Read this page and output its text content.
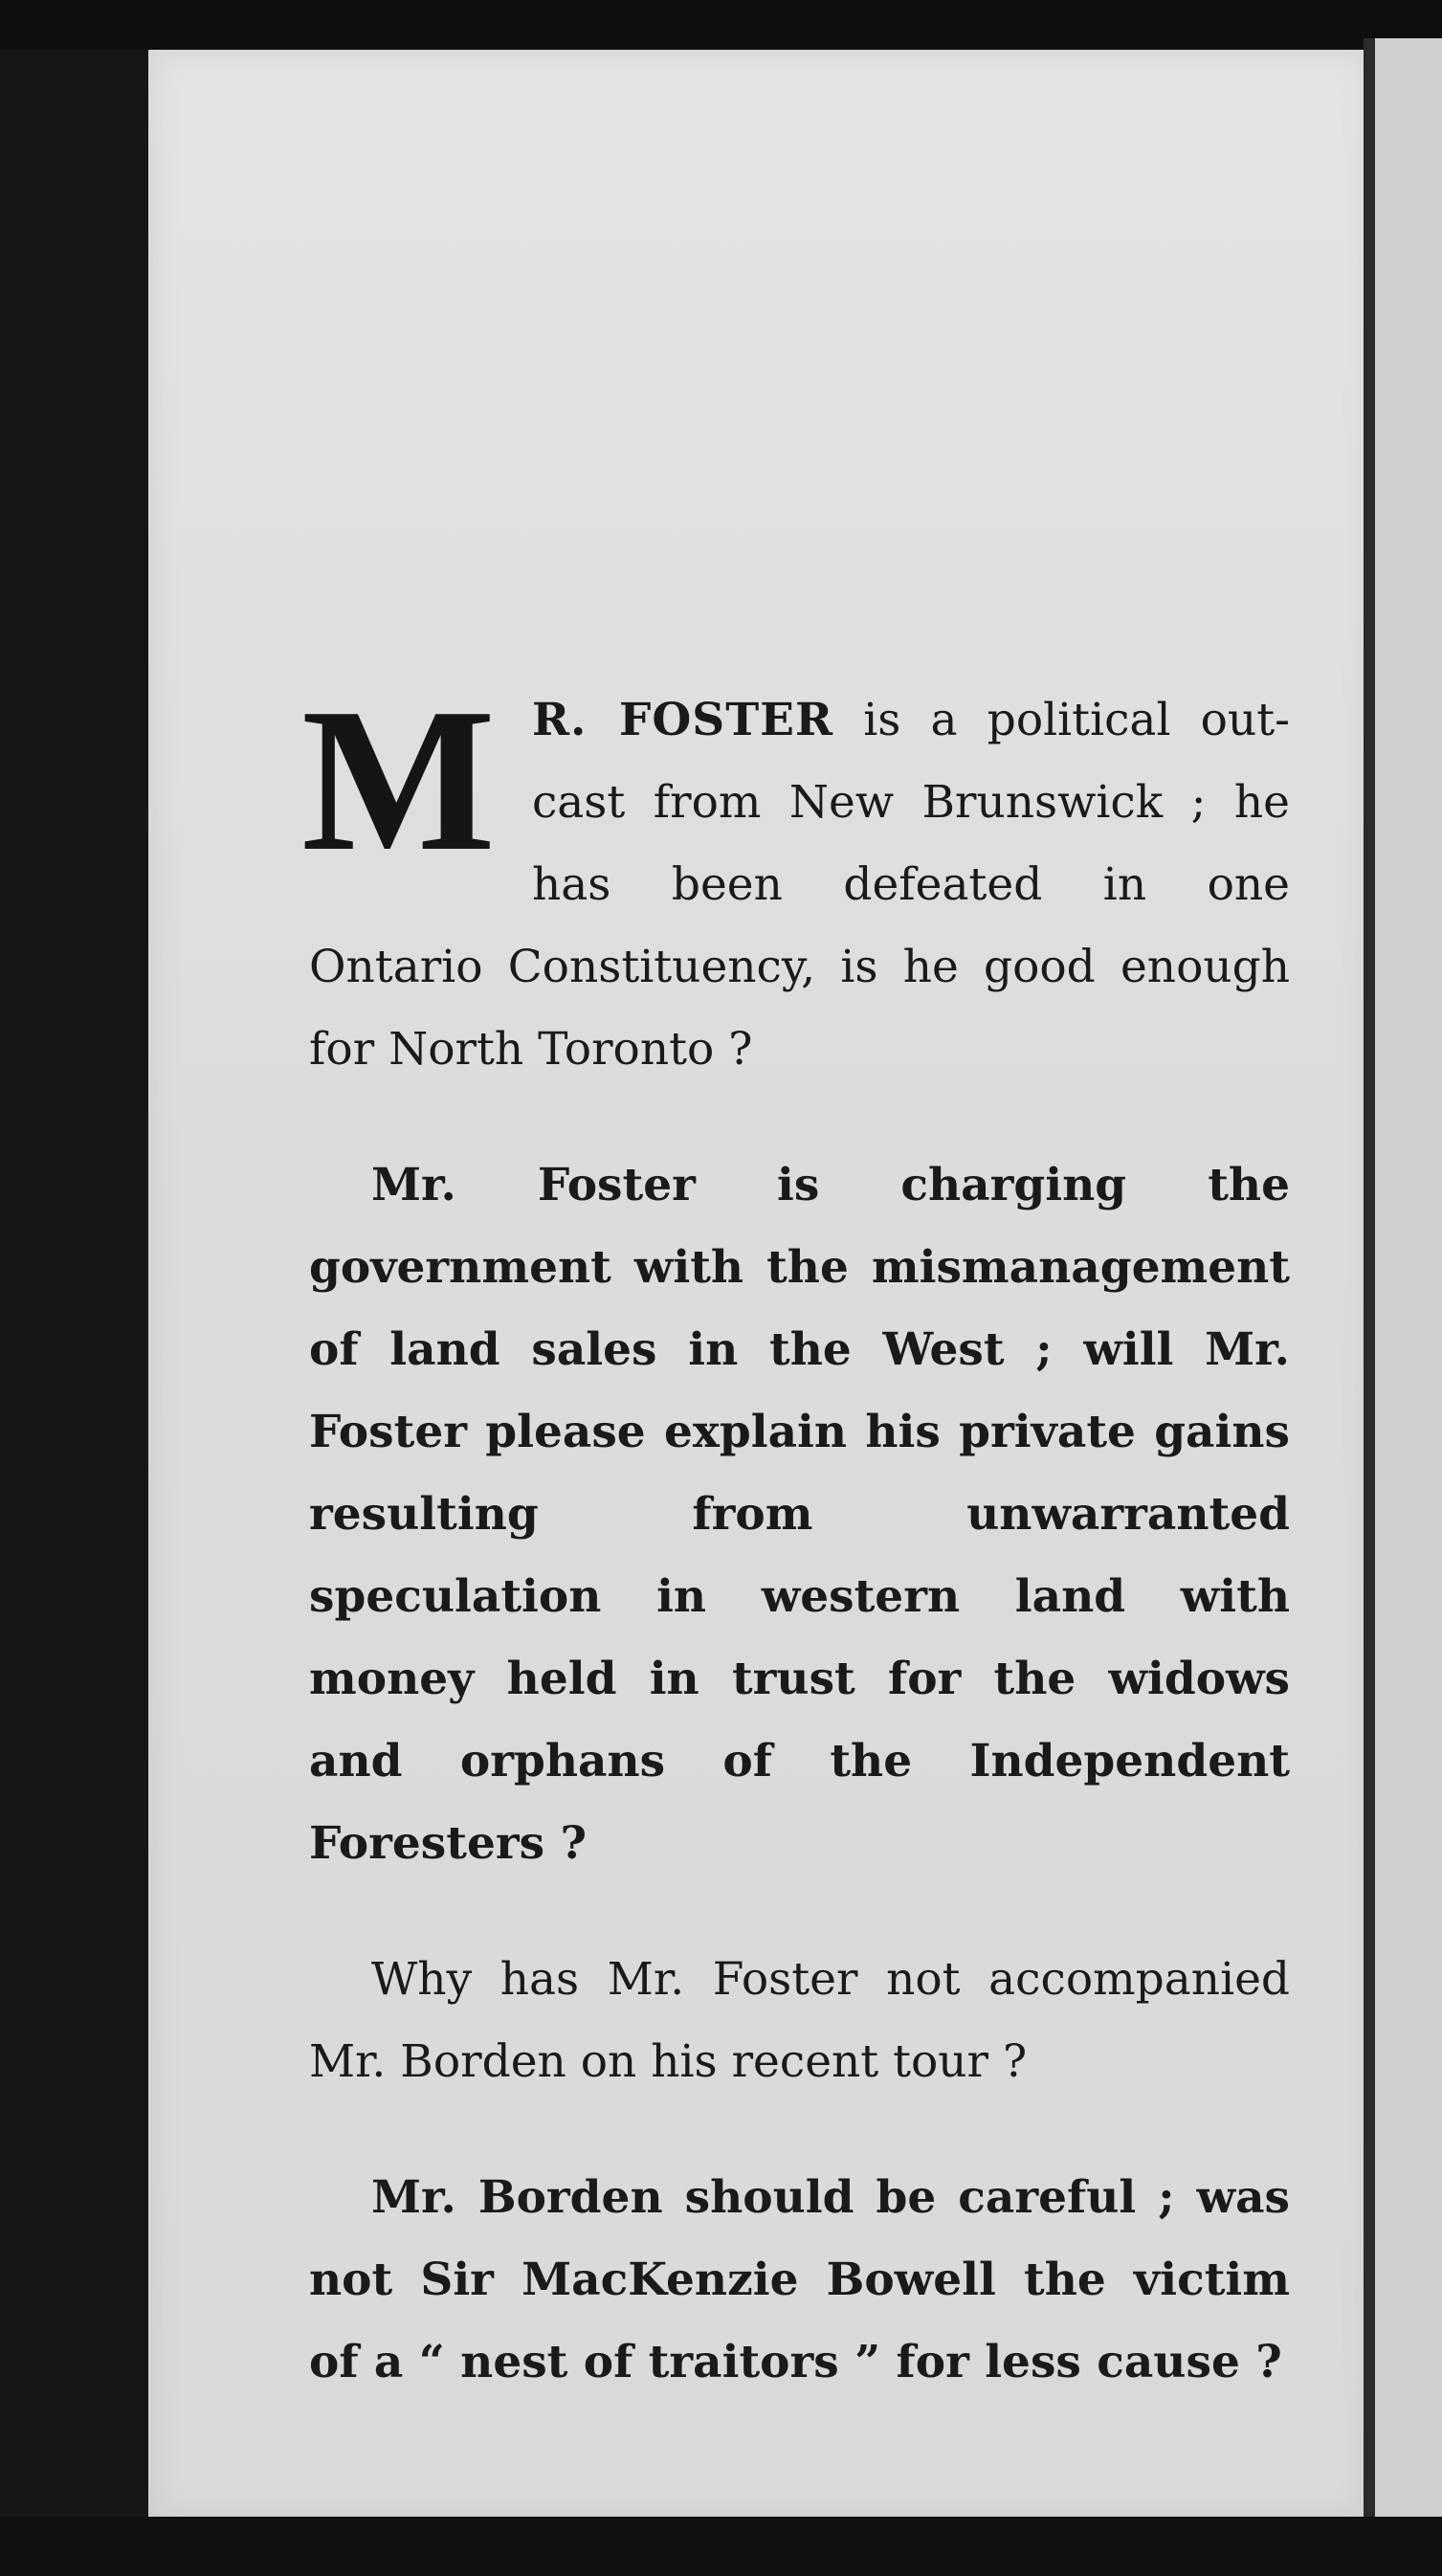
M R. FOSTER is a political out-cast from New Brunswick ; he has been defeated in one Ontario Constituency, is he good enough for North Toronto ?

Mr. Foster is charging the government with the mismanagement of land sales in the West ; will Mr. Foster please explain his private gains resulting from unwarranted speculation in western land with money held in trust for the widows and orphans of the Independent Foresters ?

Why has Mr. Foster not accompanied Mr. Borden on his recent tour ?

Mr. Borden should be careful ; was not Sir MacKenzie Bowell the victim of a “ nest of traitors ” for less cause ?
